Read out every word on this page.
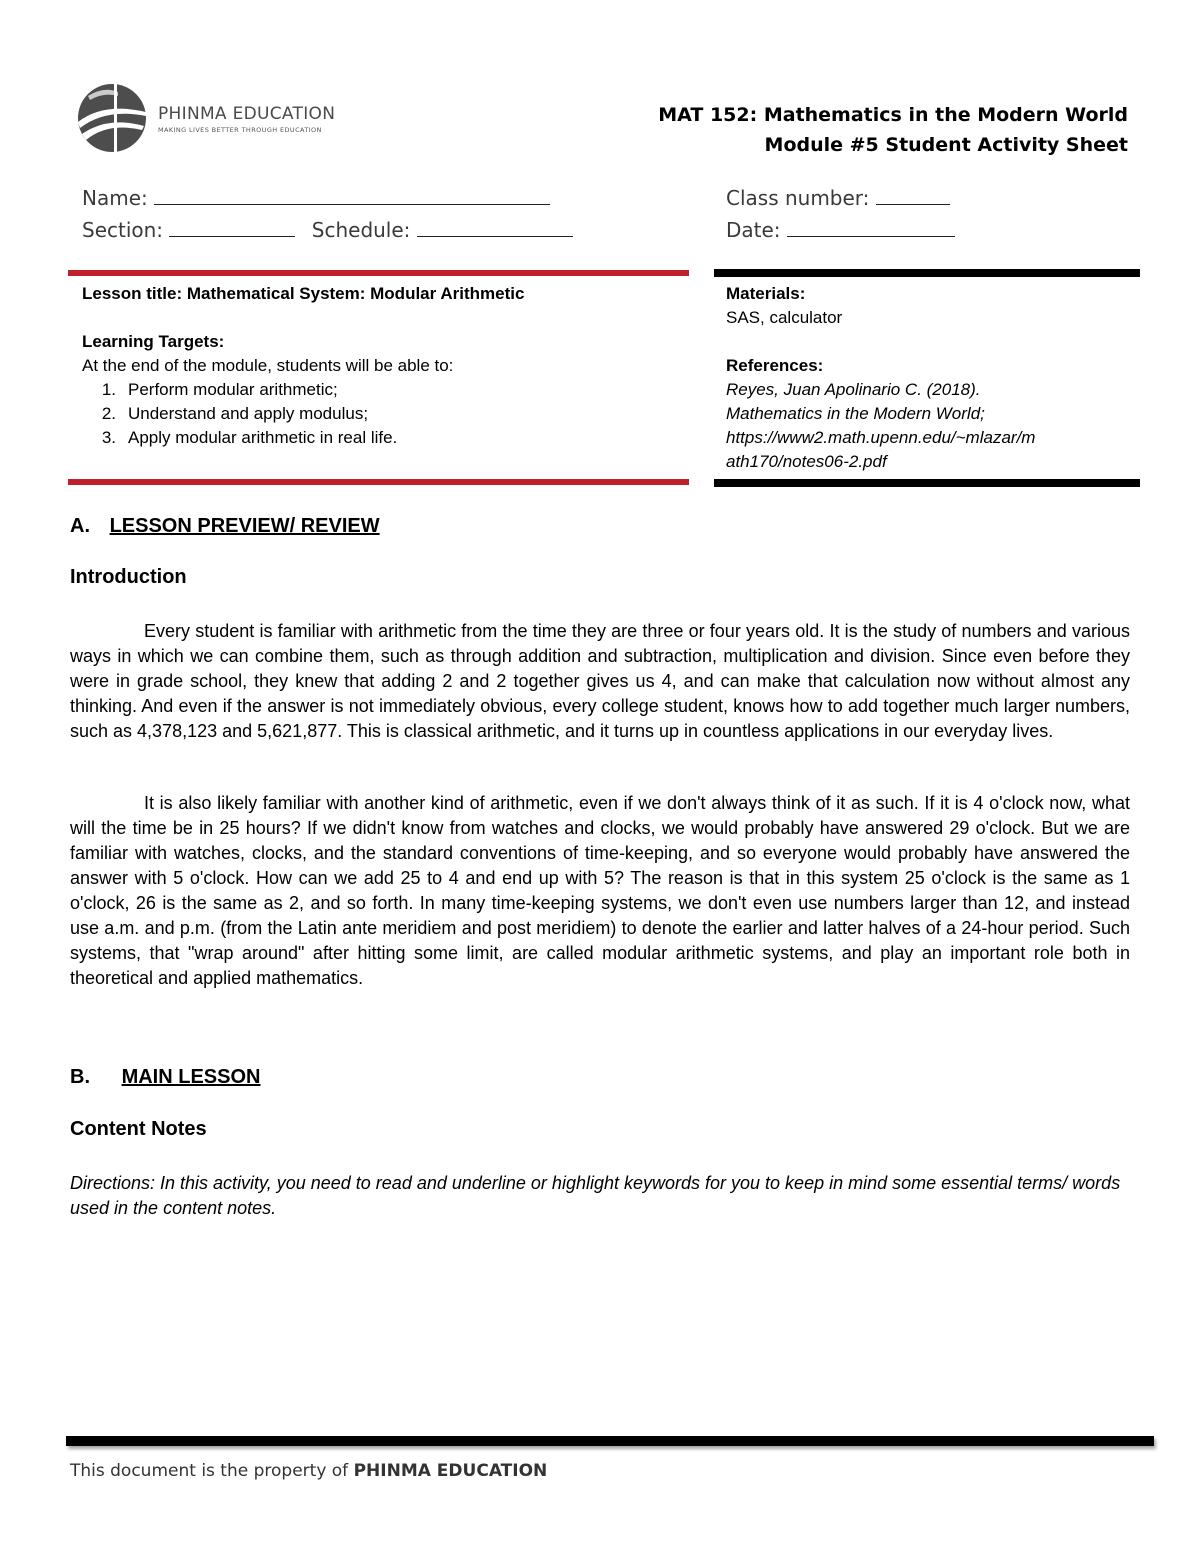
PHINMA EDUCATION
MAKING LIVES BETTER THROUGH EDUCATION
MAT 152: Mathematics in the Modern World
Module #5 Student Activity Sheet
Name:
Section:	Schedule:
Class number:
Date:
Lesson title: Mathematical System: Modular Arithmetic
Learning Targets:
At the end of the module, students will be able to:
1. Perform modular arithmetic;
2. Understand and apply modulus;
3. Apply modular arithmetic in real life.
Materials:
SAS, calculator
References:
Reyes, Juan Apolinario C. (2018).
Mathematics in the Modern World;
https://www2.math.upenn.edu/~mlazar/m
ath170/notes06-2.pdf
A. LESSON PREVIEW/ REVIEW
Introduction
Every student is familiar with arithmetic from the time they are three or four years old. It is the study of numbers and various ways in which we can combine them, such as through addition and subtraction, multiplication and division. Since even before they were in grade school, they knew that adding 2 and 2 together gives us 4, and can make that calculation now without almost any thinking. And even if the answer is not immediately obvious, every college student, knows how to add together much larger numbers, such as 4,378,123 and 5,621,877. This is classical arithmetic, and it turns up in countless applications in our everyday lives.
It is also likely familiar with another kind of arithmetic, even if we don't always think of it as such. If it is 4 o'clock now, what will the time be in 25 hours? If we didn't know from watches and clocks, we would probably have answered 29 o'clock. But we are familiar with watches, clocks, and the standard conventions of time-keeping, and so everyone would probably have answered the answer with 5 o'clock. How can we add 25 to 4 and end up with 5? The reason is that in this system 25 o'clock is the same as 1 o'clock, 26 is the same as 2, and so forth. In many time-keeping systems, we don't even use numbers larger than 12, and instead use a.m. and p.m. (from the Latin ante meridiem and post meridiem) to denote the earlier and latter halves of a 24-hour period. Such systems, that "wrap around" after hitting some limit, are called modular arithmetic systems, and play an important role both in theoretical and applied mathematics.
B. MAIN LESSON
Content Notes
Directions: In this activity, you need to read and underline or highlight keywords for you to keep in mind some essential terms/ words used in the content notes.
This document is the property of PHINMA EDUCATION
